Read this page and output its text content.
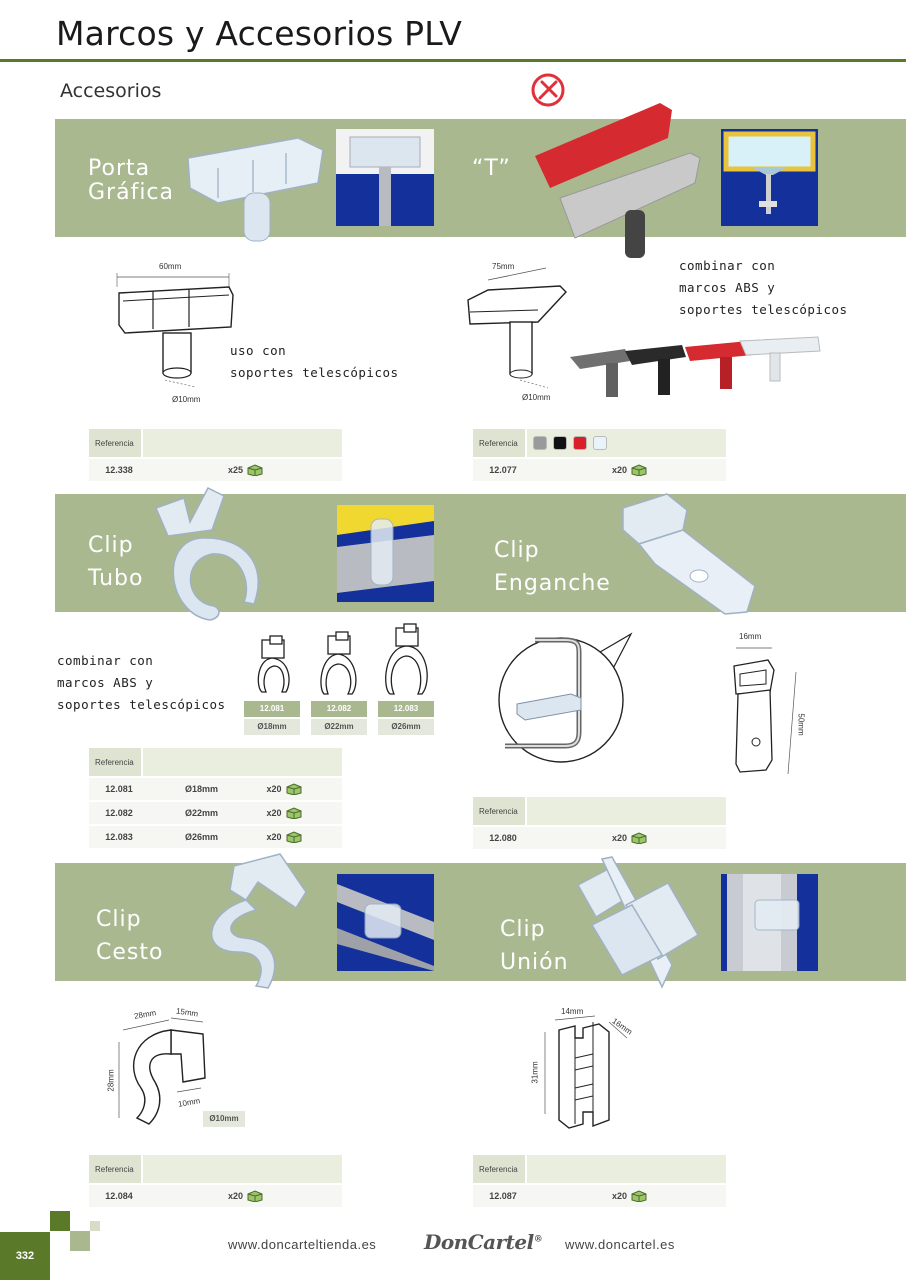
Marcos y Accesorios PLV
Accesorios
Porta
Gráfica
“T”
60mm
Ø10mm
uso con
soportes telescópicos
75mm
Ø10mm
combinar con
marcos ABS y
soportes telescópicos
Referencia
12.338	x25
Referencia
12.077	x20
Clip
Tubo
Clip
Enganche
combinar con
marcos ABS y
soportes telescópicos	12.081
Ø18mm
12.082
Ø22mm
12.083
Ø26mm
Referencia
12.081	Ø18mm	x20
12.082	Ø22mm	x20
12.083	Ø26mm	x20
16mm
50mm
Referencia
12.080	x20
Clip
Cesto
Clip
Unión
28mm 15mm
28mm
10mm
Ø10mm
14mm
16mm
31mm
Referencia
12.084	x20
Referencia
12.087	x20
332
www.doncarteltienda.es DonCartel® www.doncartel.es
